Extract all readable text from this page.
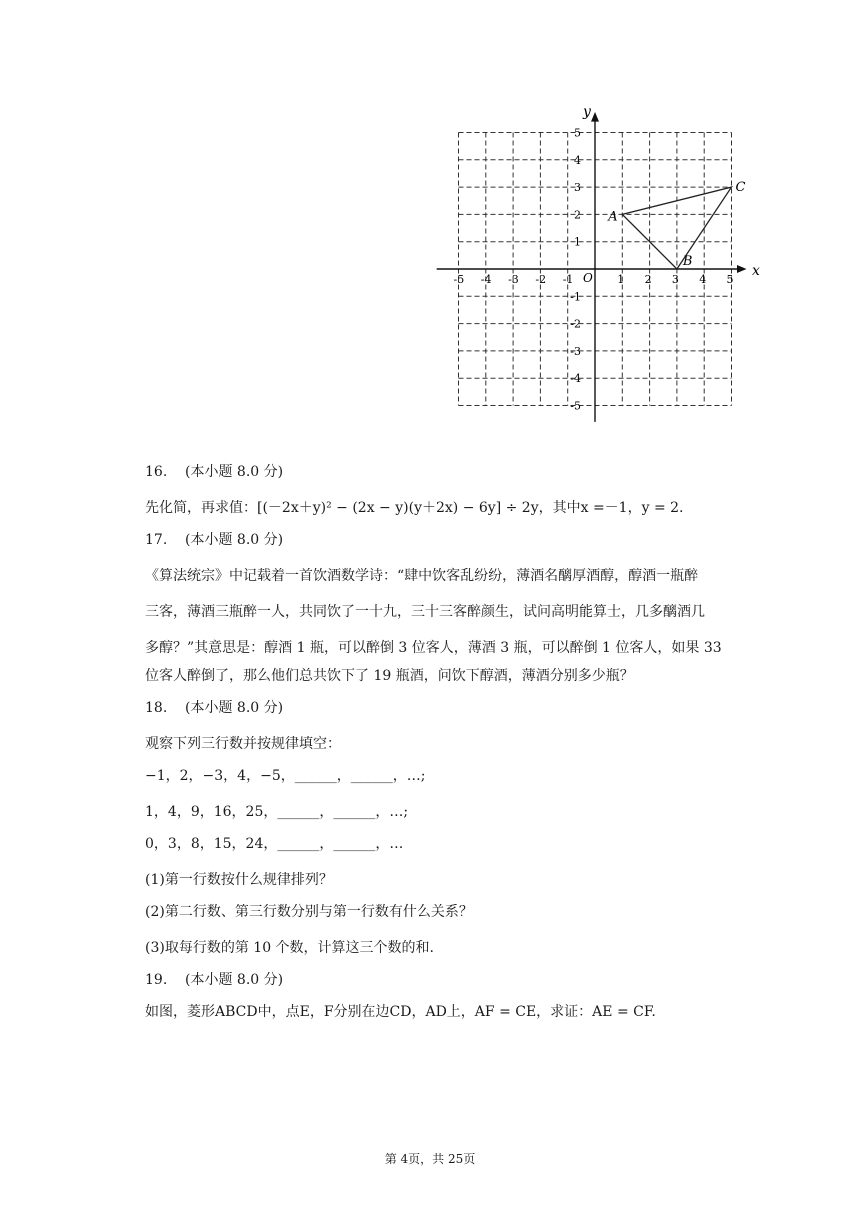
x
y
O
-5 -4 -3 -2 -1	1 2 3 4 5
5
4
3
2
1
-1
-2
-3
-4
-5
A
B
C
16. (本小题 8.0 分)
先化简，再求值：[(－2x＋y)² − (2x − y)(y＋2x) − 6y] ÷ 2y，其中x =－1，y = 2.
17. (本小题 8.0 分)
《算法统宗》中记载着一首饮酒数学诗：“肆中饮客乱纷纷，薄酒名醨厚酒醇，醇酒一瓶醉
三客，薄酒三瓶醉一人，共同饮了一十九，三十三客醉颜生，试问高明能算士，几多醨酒几
多醇？”其意思是：醇酒 1 瓶，可以醉倒 3 位客人，薄酒 3 瓶，可以醉倒 1 位客人，如果 33
位客人醉倒了，那么他们总共饮下了 19 瓶酒，问饮下醇酒，薄酒分别多少瓶？
18. (本小题 8.0 分)
观察下列三行数并按规律填空：
−1，2，−3，4，−5，______，______，…;
1，4，9，16，25，______，______，…;
0，3，8，15，24，______，______，…
(1)第一行数按什么规律排列？
(2)第二行数、第三行数分别与第一行数有什么关系？
(3)取每行数的第 10 个数，计算这三个数的和.
19. (本小题 8.0 分)
如图，菱形ABCD中，点E，F分别在边CD，AD上，AF = CE，求证：AE = CF.
第 4页，共 25页
